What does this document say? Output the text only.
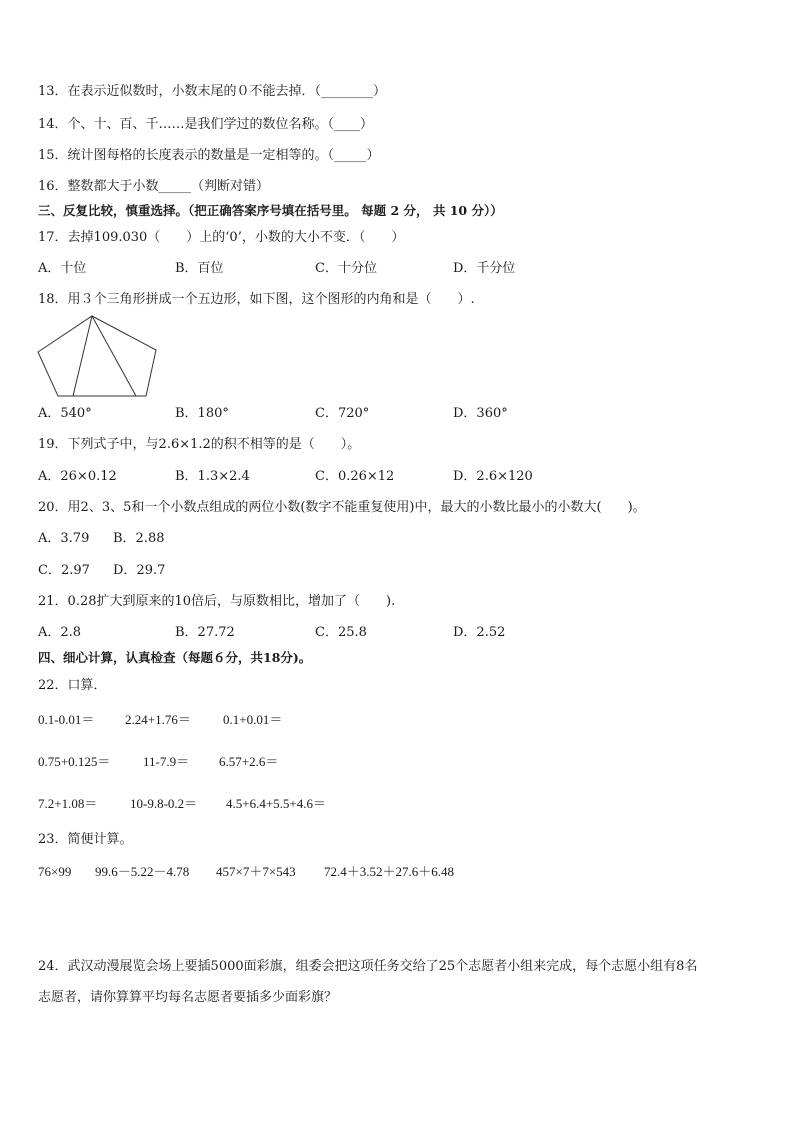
13．在表示近似数时，小数末尾的０不能去掉．（________）
14．个、十、百、千……是我们学过的数位名称。（____）
15．统计图每格的长度表示的数量是一定相等的。（_____）
16．整数都大于小数_____（判断对错）
三、反复比较，慎重选择。（把正确答案序号填在括号里。 每题 2 分， 共 10 分））
17．去掉109.030（　　）上的‘0’，小数的大小不变．（　　）
A．十位	B．百位	C．十分位	D．千分位
18．用３个三角形拼成一个五边形，如下图，这个图形的内角和是（　　）.
A．540°	B．180°	C．720°	D．360°
19．下列式子中，与2.6×1.2的积不相等的是（　　）。
A．26×0.12	B．1.3×2.4	C．0.26×12	D．2.6×120
20．用2、3、5和一个小数点组成的两位小数(数字不能重复使用)中，最大的小数比最小的小数大(　　)。
A．3.79 B．2.88
C．2.97 D．29.7
21．0.28扩大到原来的10倍后，与原数相比，增加了（　　).
A．2.8	B．27.72	C．25.8	D．2.52
四、细心计算，认真检查（每题６分，共18分)。
22．口算．
0.1-0.01＝ 2.24+1.76＝ 0.1+0.01＝
0.75+0.125＝	11-7.9＝ 6.57+2.6＝
7.2+1.08＝	10-9.8-0.2＝ 4.5+6.4+5.5+4.6＝
23．简便计算。
76×99 99.6－5.22－4.78 457×7＋7×543 72.4＋3.52＋27.6＋6.48
24．武汉动漫展览会场上要插5000面彩旗，组委会把这项任务交给了25个志愿者小组来完成，每个志愿小组有8名
志愿者，请你算算平均每名志愿者要插多少面彩旗？
